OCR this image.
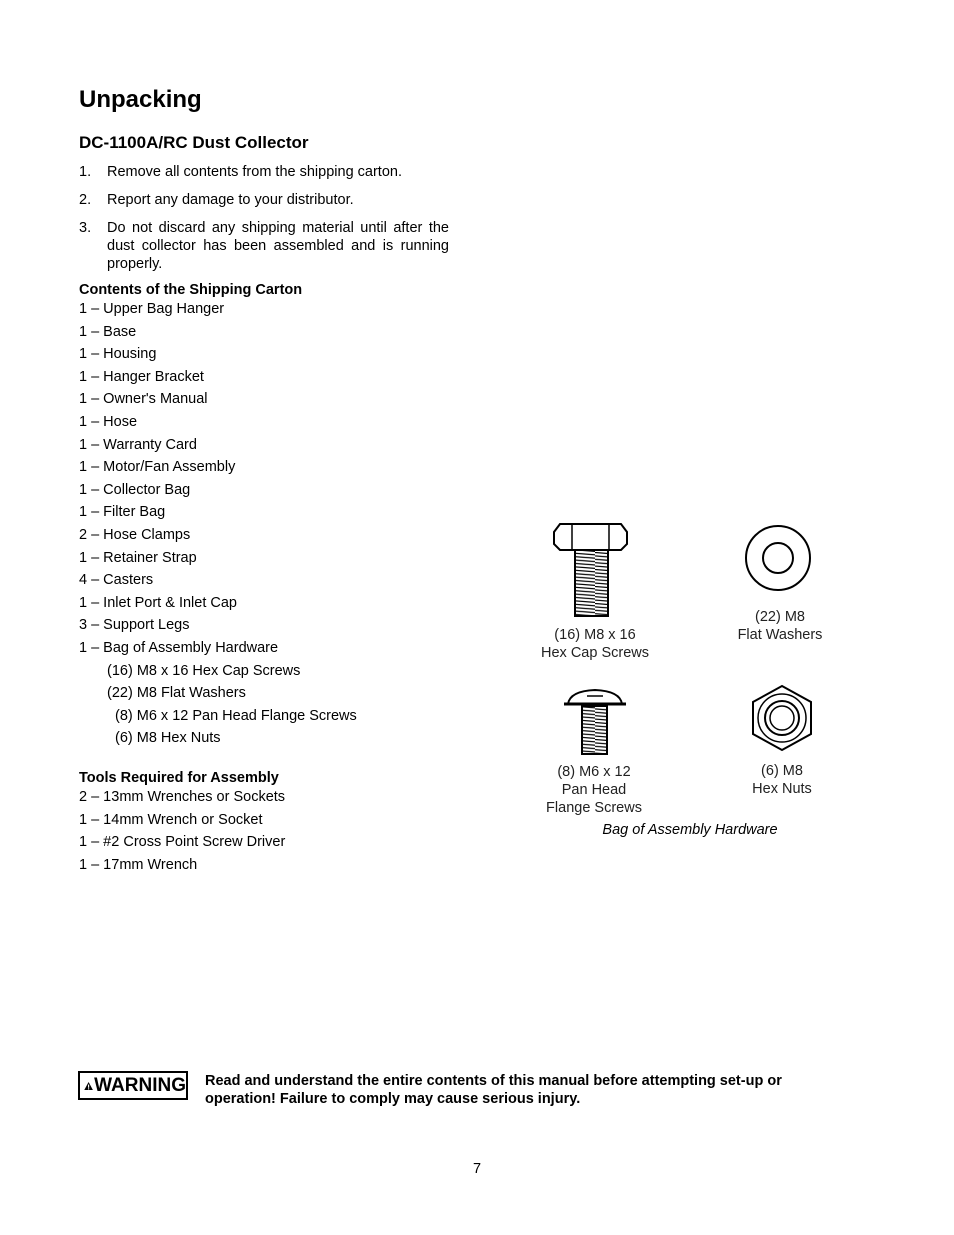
Unpacking
DC-1100A/RC Dust Collector
1.	Remove all contents from the shipping carton.
2.	Report any damage to your distributor.
3.	Do not discard any shipping material until after the dust collector has been assembled and is running properly.
Contents of the Shipping Carton
1 – Upper Bag Hanger
1 – Base
1 – Housing
1 – Hanger Bracket
1 – Owner's Manual
1 – Hose
1 – Warranty Card
1 – Motor/Fan Assembly
1 – Collector Bag
1 – Filter Bag
2 – Hose Clamps
1 – Retainer Strap
4 – Casters
1 – Inlet Port & Inlet Cap
3 – Support Legs
1 – Bag of Assembly Hardware
(16) M8 x 16 Hex Cap Screws
(22) M8 Flat Washers
(8) M6 x 12 Pan Head Flange Screws
(6) M8 Hex Nuts
Tools Required for Assembly
2 – 13mm Wrenches or Sockets
1 – 14mm Wrench or Socket
1 – #2 Cross Point Screw Driver
1 – 17mm Wrench
(16) M8 x 16
Hex Cap Screws
(22) M8
Flat Washers
(8) M6 x 12
Pan Head
Flange Screws
(6) M8
Hex Nuts
Bag of Assembly Hardware
WARNING Read and understand the entire contents of this manual before attempting set-up or operation! Failure to comply may cause serious injury.
7
